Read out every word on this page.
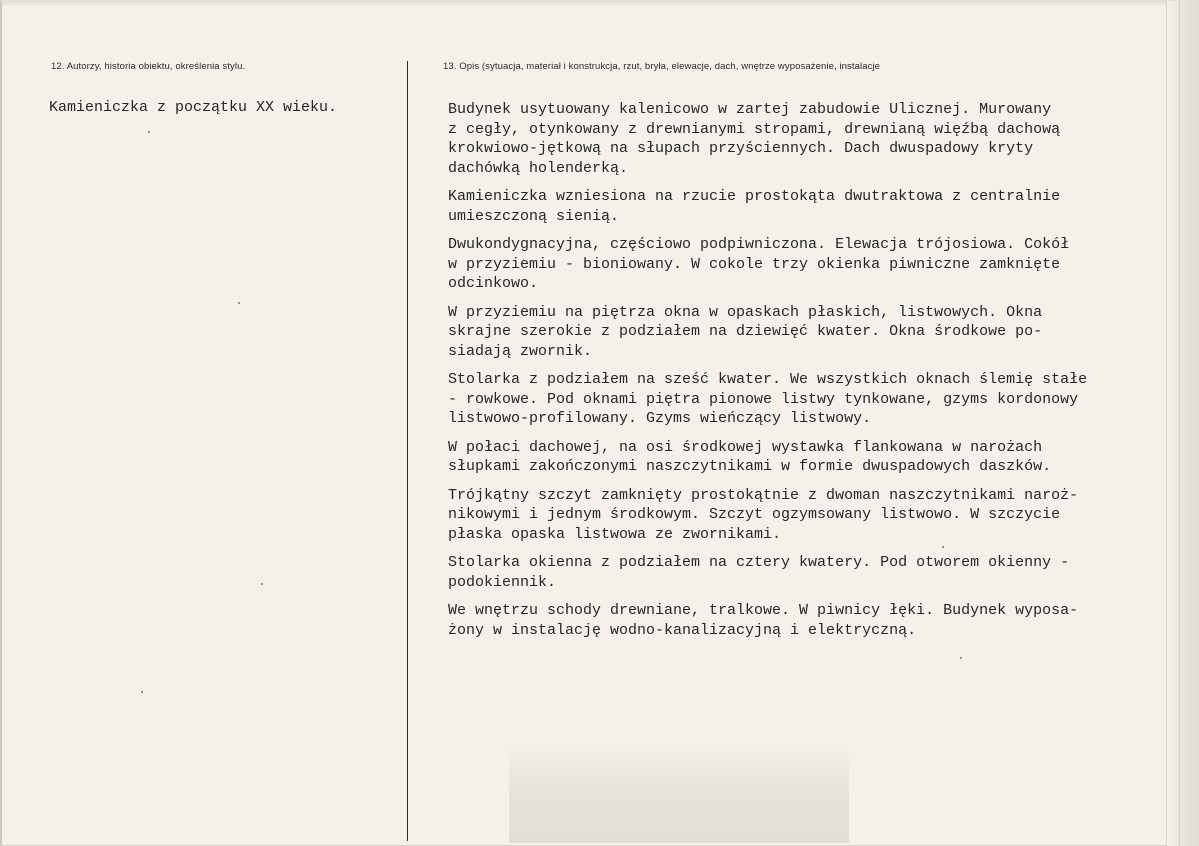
12. Autorzy, historia obiektu, określenia stylu.	13. Opis (sytuacja, materiał i konstrukcja, rzut, bryła, elewacje, dach, wnętrze wyposażenie, instalacje
Kamieniczka z początku XX wieku.	Budynek usytuowany kalenicowo w zartej zabudowie Ulicznej. Murowany
z cegły, otynkowany z drewnianymi stropami, drewnianą więźbą dachową
krokwiowo-jętkową na słupach przyściennych. Dach dwuspadowy kryty
dachówką holenderką.
Kamieniczka wzniesiona na rzucie prostokąta dwutraktowa z centralnie
umieszczoną sienią.
Dwukondygnacyjna, częściowo podpiwniczona. Elewacja trójosiowa. Cokół
w przyziemiu - bioniowany. W cokole trzy okienka piwniczne zamknięte
odcinkowo.
W przyziemiu na piętrza okna w opaskach płaskich, listwowych. Okna
skrajne szerokie z podziałem na dziewięć kwater. Okna środkowe po-
siadają zwornik.
Stolarka z podziałem na sześć kwater. We wszystkich oknach ślemię stałe
- rowkowe. Pod oknami piętra pionowe listwy tynkowane, gzyms kordonowy
listwowo-profilowany. Gzyms wieńczący listwowy.
W połaci dachowej, na osi środkowej wystawka flankowana w narożach
słupkami zakończonymi naszczytnikami w formie dwuspadowych daszków.
Trójkątny szczyt zamknięty prostokątnie z dwoman naszczytnikami naroż-
nikowymi i jednym środkowym. Szczyt ogzymsowany listwowo. W szczycie
płaska opaska listwowa ze zwornikami.
Stolarka okienna z podziałem na cztery kwatery. Pod otworem okienny -
podokiennik.
We wnętrzu schody drewniane, tralkowe. W piwnicy łęki. Budynek wyposa-
żony w instalację wodno-kanalizacyjną i elektryczną.
